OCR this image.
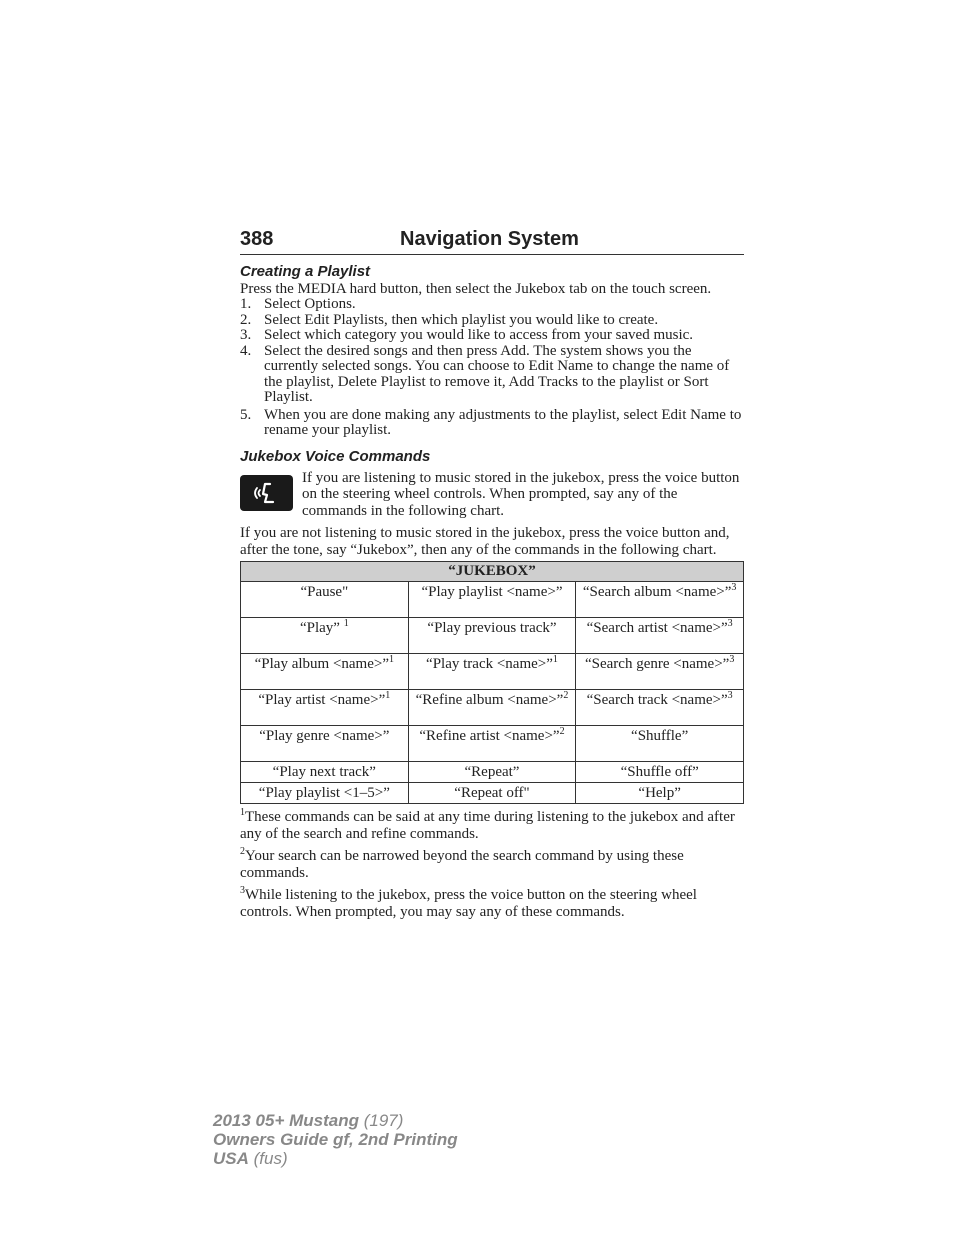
388	Navigation System
Creating a Playlist

Press the MEDIA hard button, then select the Jukebox tab on the touch screen.

1. Select Options.
2. Select Edit Playlists, then which playlist you would like to create.
3. Select which category you would like to access from your saved music.
4. Select the desired songs and then press Add. The system shows you the currently selected songs. You can choose to Edit Name to change the name of the playlist, Delete Playlist to remove it, Add Tracks to the playlist or Sort Playlist.
5. When you are done making any adjustments to the playlist, select Edit Name to rename your playlist.
Jukebox Voice Commands
If you are listening to music stored in the jukebox, press the voice button on the steering wheel controls. When prompted, say any of the commands in the following chart.

If you are not listening to music stored in the jukebox, press the voice button and, after the tone, say “Jukebox”, then any of the commands in the following chart.

“JUKEBOX”		
“Pause"	“Play playlist <name>”	“Search album <name>”$^3$
“Play” $^1$	“Play previous track”	“Search artist <name>”$^3$
“Play album <name>”$^1$	“Play track <name>”$^1$	“Search genre <name>”$^3$
“Play artist <name>”$^1$	“Refine album <name>”$^2$	“Search track <name>”$^3$
“Play genre <name>”	“Refine artist <name>”$^2$	“Shuffle”
“Play next track”	“Repeat”	“Shuffle off”
“Play playlist <1–5>”	“Repeat off"	“Help”

$^1$These commands can be said at any time during listening to the jukebox and after any of the search and refine commands.

$^2$Your search can be narrowed beyond the search command by using these commands.

$^3$While listening to the jukebox, press the voice button on the steering wheel controls. When prompted, you may say any of these commands.

2013 05+ Mustang (197)
Owners Guide gf, 2nd Printing
USA (fus)
